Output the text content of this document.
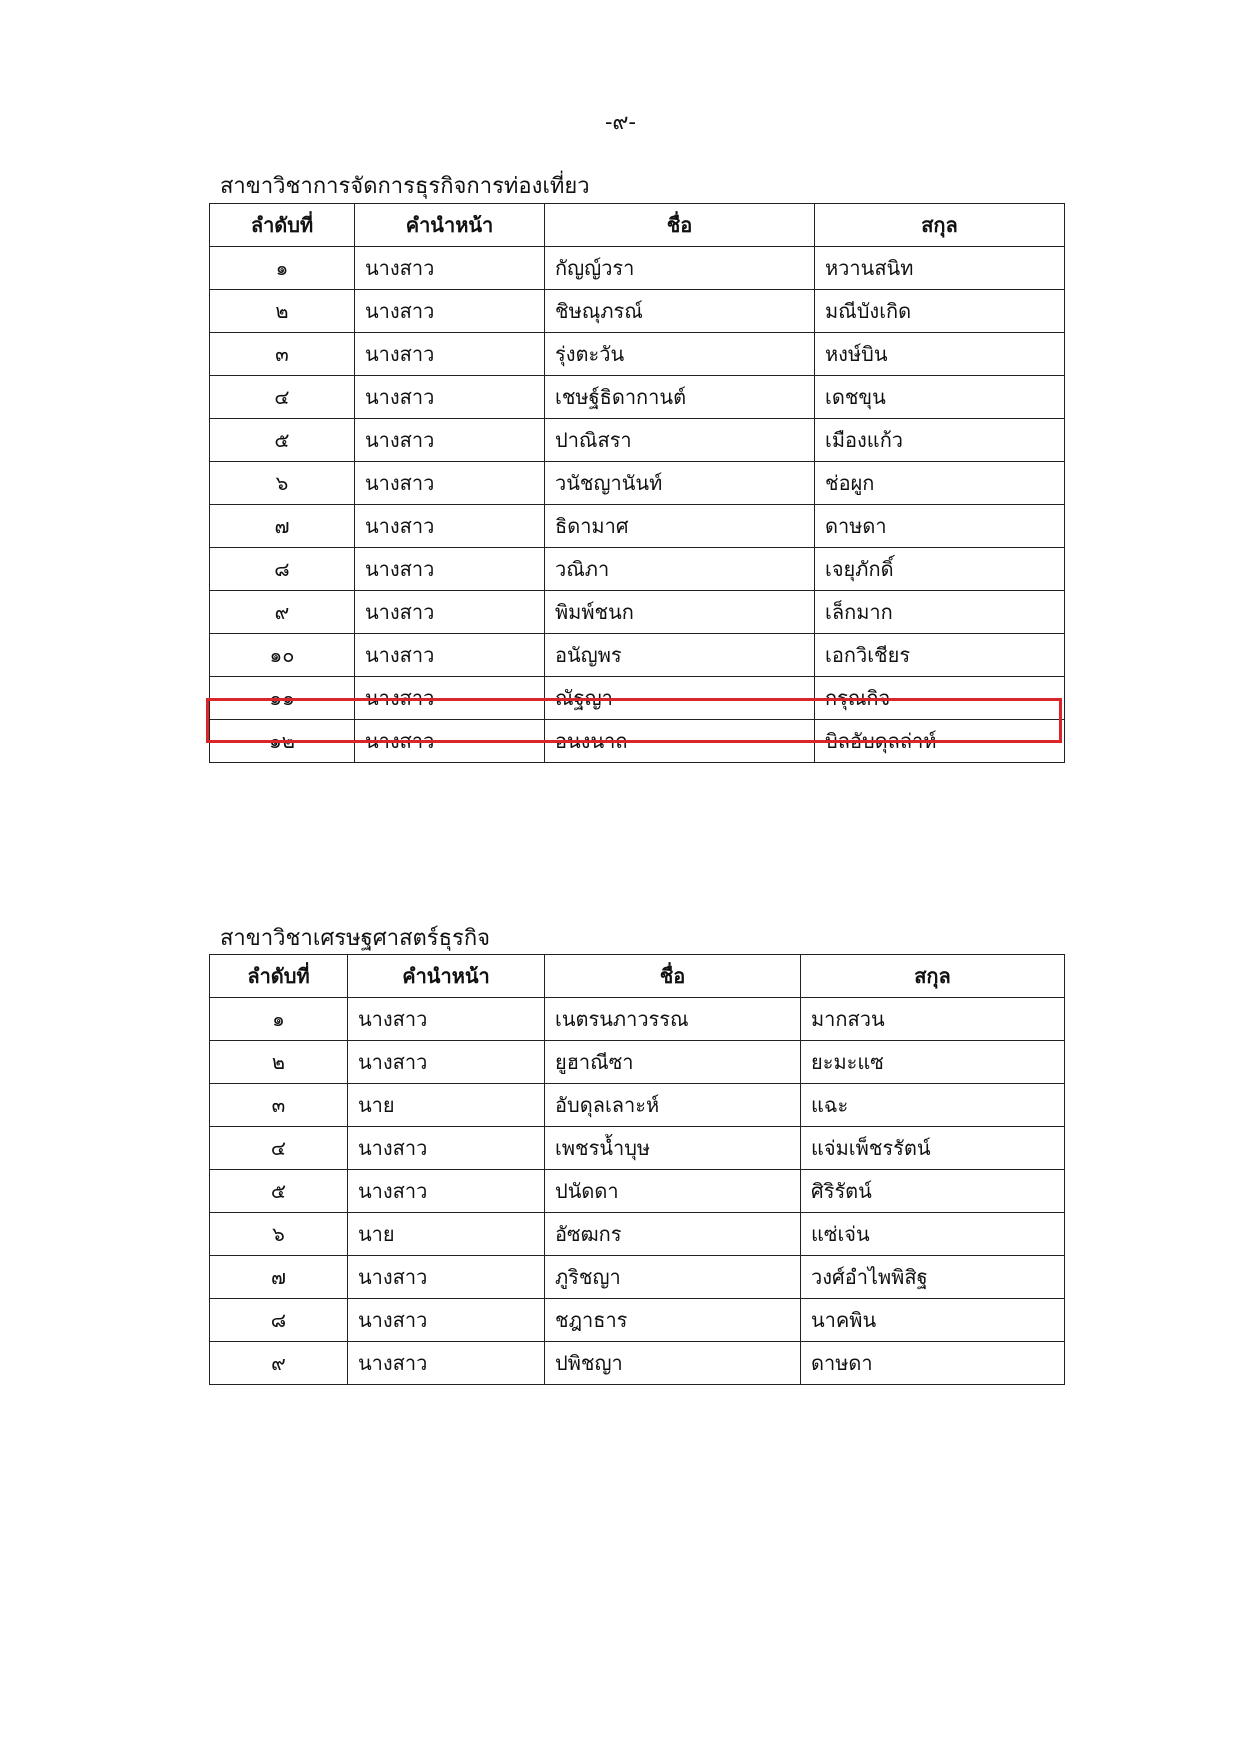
-๙-
สาขาวิชาการจัดการธุรกิจการท่องเที่ยว
ลำดับที่	คำนำหน้า	ชื่อ	สกุล
๑	นางสาว	กัญญ์วรา	หวานสนิท
๒	นางสาว	ชิษณุภรณ์	มณีบังเกิด
๓	นางสาว	รุ่งตะวัน	หงษ์บิน
๔	นางสาว	เชษฐ์ธิดากานต์	เดชขุน
๕	นางสาว	ปาณิสรา	เมืองแก้ว
๖	นางสาว	วนัชญานันท์	ช่อผูก
๗	นางสาว	ธิดามาศ	ดาษดา
๘	นางสาว	วณิภา	เจยุภักดิ์
๙	นางสาว	พิมพ์ชนก	เล็กมาก
๑๐	นางสาว	อนัญพร	เอกวิเชียร
๑๑	นางสาว	ณัฐญา	กรุณกิจ
๑๒	นางสาว	อนงนาถ	บิลอับดุลล่าห์
สาขาวิชาเศรษฐศาสตร์ธุรกิจ
ลำดับที่	คำนำหน้า	ชื่อ	สกุล
๑	นางสาว	เนตรนภาวรรณ	มากสวน
๒	นางสาว	ยูฮาณีซา	ยะมะแซ
๓	นาย	อับดุลเลาะห์	แฉะ
๔	นางสาว	เพชรน้ำบุษ	แจ่มเพ็ชรรัตน์
๕	นางสาว	ปนัดดา	ศิริรัตน์
๖	นาย	อัซฒกร	แซ่เจ่น
๗	นางสาว	ภูริชญา	วงศ์อำไพพิสิฐ
๘	นางสาว	ชฎาธาร	นาคพิน
๙	นางสาว	ปพิชญา	ดาษดา
